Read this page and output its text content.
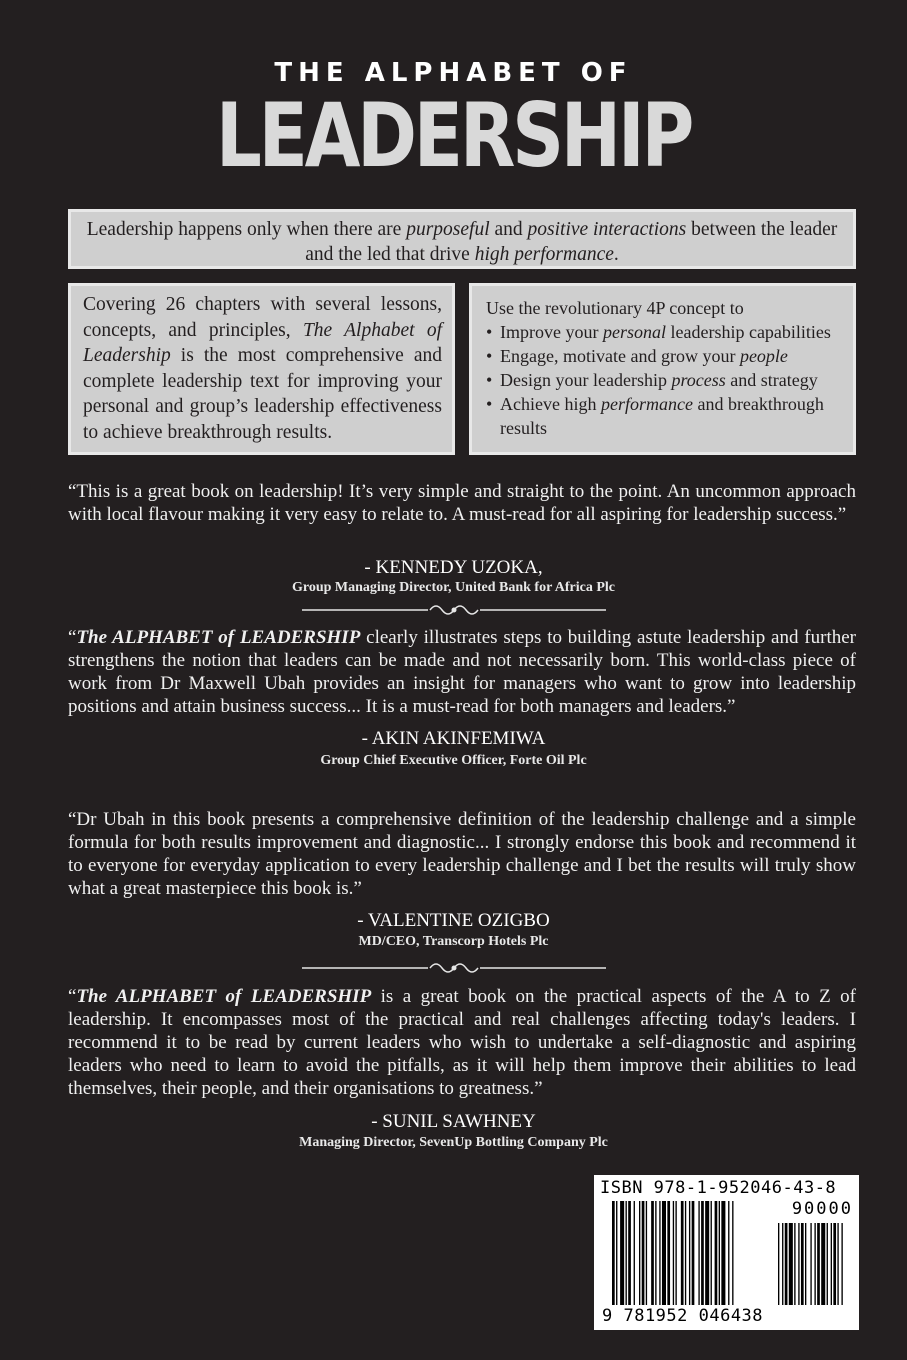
THE ALPHABET OF
LEADERSHIP
Leadership happens only when there are purposeful and positive interactions between the leader and the led that drive high performance.
Covering 26 chapters with several lessons, concepts, and principles, The Alphabet of Leadership is the most comprehensive and complete leadership text for improving your personal and group’s leadership effectiveness to achieve breakthrough results.
Use the revolutionary 4P concept to
• Improve your personal leadership capabilities
• Engage, motivate and grow your people
• Design your leadership process and strategy
• Achieve high performance and breakthrough results
“This is a great book on leadership! It’s very simple and straight to the point. An uncommon approach with local flavour making it very easy to relate to. A must-read for all aspiring for leadership success.”
- KENNEDY UZOKA,
Group Managing Director, United Bank for Africa Plc
“The ALPHABET of LEADERSHIP clearly illustrates steps to building astute leadership and further strengthens the notion that leaders can be made and not necessarily born. This world-class piece of work from Dr Maxwell Ubah provides an insight for managers who want to grow into leadership positions and attain business success... It is a must-read for both managers and leaders.”
- AKIN AKINFEMIWA
Group Chief Executive Officer, Forte Oil Plc
“Dr Ubah in this book presents a comprehensive definition of the leadership challenge and a simple formula for both results improvement and diagnostic... I strongly endorse this book and recommend it to everyone for everyday application to every leadership challenge and I bet the results will truly show what a great masterpiece this book is.”
- VALENTINE OZIGBO
MD/CEO, Transcorp Hotels Plc
“The ALPHABET of LEADERSHIP is a great book on the practical aspects of the A to Z of leadership. It encompasses most of the practical and real challenges affecting today's leaders. I recommend it to be read by current leaders who wish to undertake a self-diagnostic and aspiring leaders who need to learn to avoid the pitfalls, as it will help them improve their abilities to lead themselves, their people, and their organisations to greatness.”
- SUNIL SAWHNEY
Managing Director, SevenUp Bottling Company Plc
ISBN 978-1-952046-43-8
90000
9 781952 046438
